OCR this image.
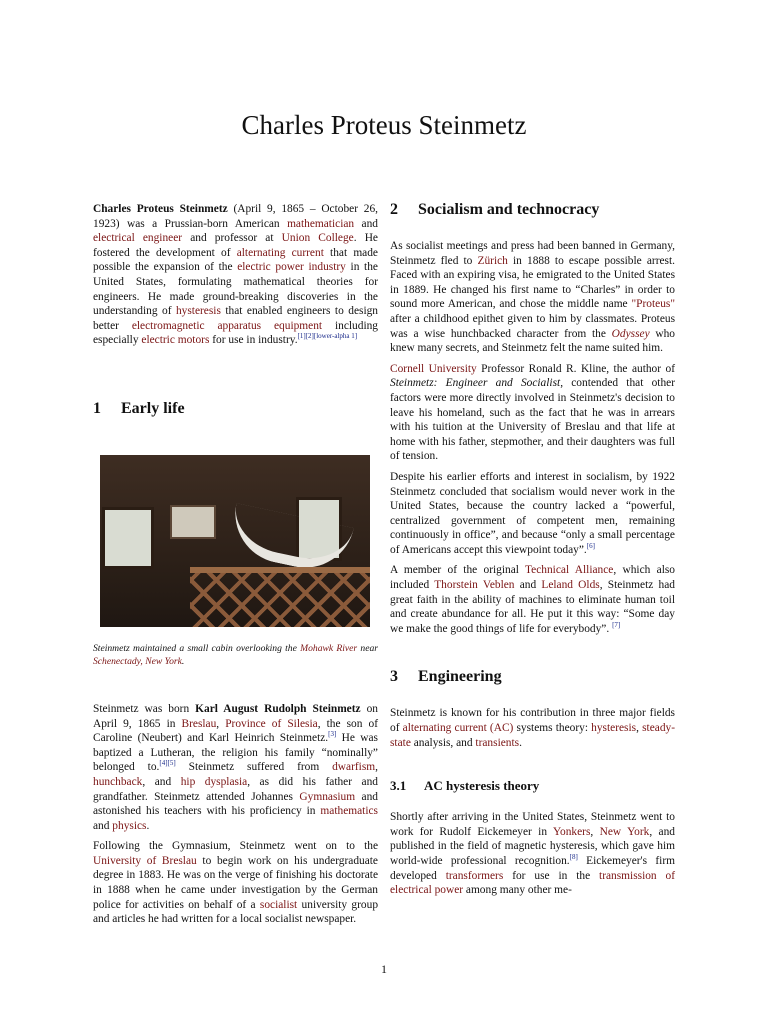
Charles Proteus Steinmetz

Charles Proteus Steinmetz (April 9, 1865 – October 26, 1923) was a Prussian-born American mathematician and electrical engineer and professor at Union College. He fostered the development of alternating current that made possible the expansion of the electric power industry in the United States, formulating mathematical theories for engineers. He made ground-breaking discoveries in the understanding of hysteresis that enabled engineers to design better electromagnetic apparatus equipment including especially electric motors for use in industry.[1][2][lower-alpha 1]

1 Early life

Steinmetz maintained a small cabin overlooking the Mohawk River near Schenectady, New York.

Steinmetz was born Karl August Rudolph Steinmetz on April 9, 1865 in Breslau, Province of Silesia, the son of Caroline (Neubert) and Karl Heinrich Steinmetz.[3] He was baptized a Lutheran, the religion his family “nominally” belonged to.[4][5] Steinmetz suffered from dwarfism, hunchback, and hip dysplasia, as did his father and grandfather. Steinmetz attended Johannes Gymnasium and astonished his teachers with his proficiency in mathematics and physics.

Following the Gymnasium, Steinmetz went on to the University of Breslau to begin work on his undergraduate degree in 1883. He was on the verge of finishing his doctorate in 1888 when he came under investigation by the German police for activities on behalf of a socialist university group and articles he had written for a local socialist newspaper.

2 Socialism and technocracy

As socialist meetings and press had been banned in Germany, Steinmetz fled to Zürich in 1888 to escape possible arrest. Faced with an expiring visa, he emigrated to the United States in 1889. He changed his first name to “Charles” in order to sound more American, and chose the middle name "Proteus" after a childhood epithet given to him by classmates. Proteus was a wise hunchbacked character from the Odyssey who knew many secrets, and Steinmetz felt the name suited him.

Cornell University Professor Ronald R. Kline, the author of Steinmetz: Engineer and Socialist, contended that other factors were more directly involved in Steinmetz's decision to leave his homeland, such as the fact that he was in arrears with his tuition at the University of Breslau and that life at home with his father, stepmother, and their daughters was full of tension.

Despite his earlier efforts and interest in socialism, by 1922 Steinmetz concluded that socialism would never work in the United States, because the country lacked a “powerful, centralized government of competent men, remaining continuously in office”, and because “only a small percentage of Americans accept this viewpoint today”.[6]

A member of the original Technical Alliance, which also included Thorstein Veblen and Leland Olds, Steinmetz had great faith in the ability of machines to eliminate human toil and create abundance for all. He put it this way: “Some day we make the good things of life for everybody”. [7]

3 Engineering

Steinmetz is known for his contribution in three major fields of alternating current (AC) systems theory: hysteresis, steady-state analysis, and transients.

3.1 AC hysteresis theory

Shortly after arriving in the United States, Steinmetz went to work for Rudolf Eickemeyer in Yonkers, New York, and published in the field of magnetic hysteresis, which gave him world-wide professional recognition.[8] Eickemeyer's firm developed transformers for use in the transmission of electrical power among many other me-

1
